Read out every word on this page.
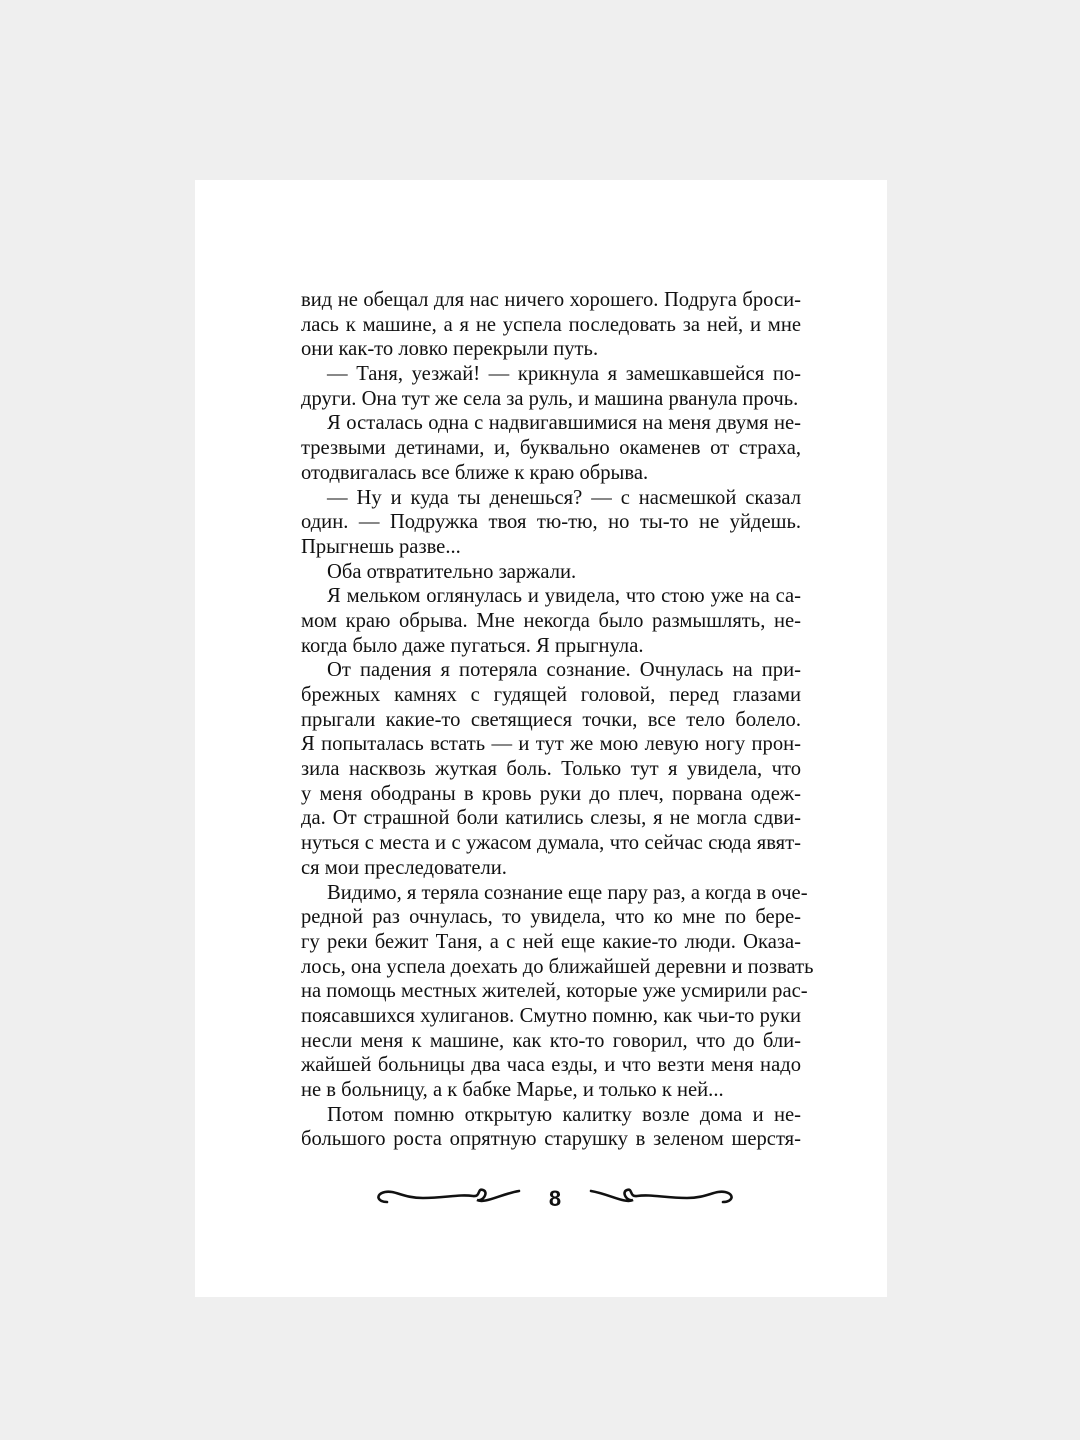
вид не обещал для нас ничего хорошего. Подруга броси-
лась к машине, а я не успела последовать за ней, и мне
они как-то ловко перекрыли путь.
— Таня, уезжай! — крикнула я замешкавшейся по-
други. Она тут же села за руль, и машина рванула прочь.
Я осталась одна с надвигавшимися на меня двумя не-
трезвыми детинами, и, буквально окаменев от страха,
отодвигалась все ближе к краю обрыва.
— Ну и куда ты денешься? — с насмешкой сказал
один. — Подружка твоя тю-тю, но ты-то не уйдешь.
Прыгнешь разве...
Оба отвратительно заржали.
Я мельком оглянулась и увидела, что стою уже на са-
мом краю обрыва. Мне некогда было размышлять, не-
когда было даже пугаться. Я прыгнула.
От падения я потеряла сознание. Очнулась на при-
брежных камнях с гудящей головой, перед глазами
прыгали какие-то светящиеся точки, все тело болело.
Я попыталась встать — и тут же мою левую ногу прон-
зила насквозь жуткая боль. Только тут я увидела, что
у меня ободраны в кровь руки до плеч, порвана одеж-
да. От страшной боли катились слезы, я не могла сдви-
нуться с места и с ужасом думала, что сейчас сюда явят-
ся мои преследователи.
Видимо, я теряла сознание еще пару раз, а когда в оче-
редной раз очнулась, то увидела, что ко мне по бере-
гу реки бежит Таня, а с ней еще какие-то люди. Оказа-
лось, она успела доехать до ближайшей деревни и позвать
на помощь местных жителей, которые уже усмирили рас-
поясавшихся хулиганов. Смутно помню, как чьи-то руки
несли меня к машине, как кто-то говорил, что до бли-
жайшей больницы два часа езды, и что везти меня надо
не в больницу, а к бабке Марье, и только к ней...
Потом помню открытую калитку возле дома и не-
большого роста опрятную старушку в зеленом шерстя-
8
